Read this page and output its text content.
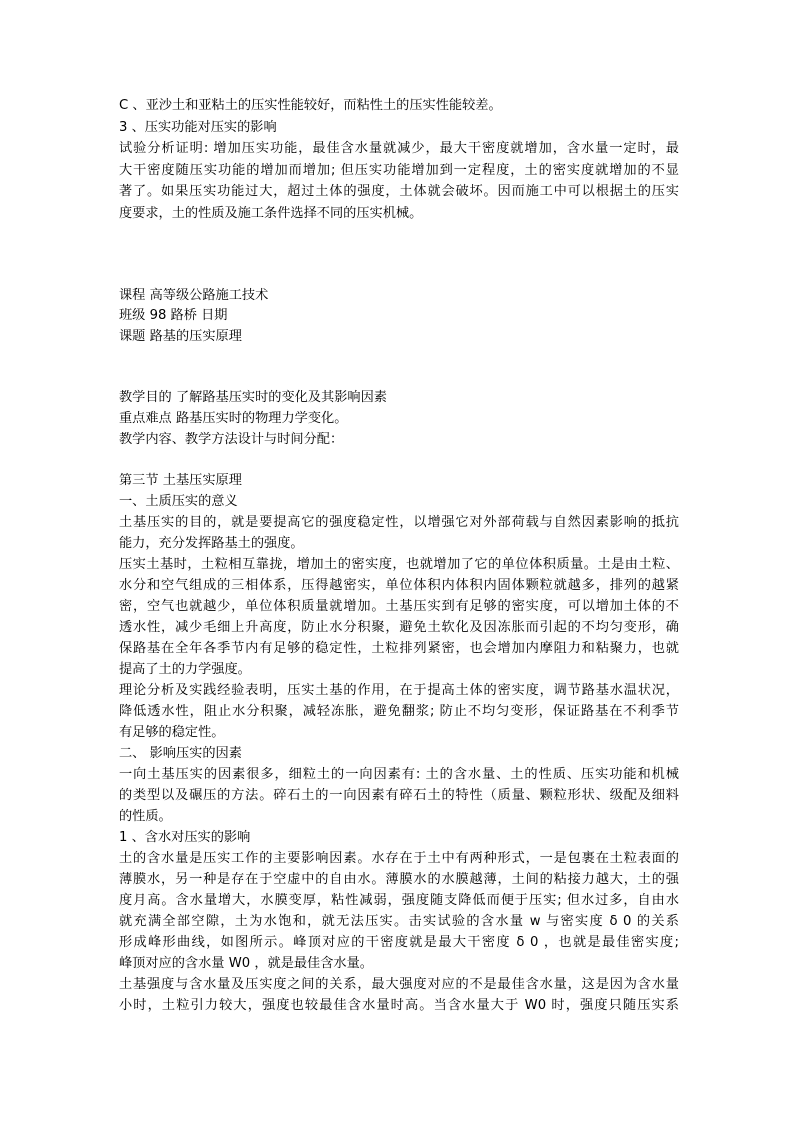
C 、亚沙土和亚粘土的压实性能较好，而粘性土的压实性能较差。
3 、压实功能对压实的影响
试验分析证明: 增加压实功能，最佳含水量就减少，最大干密度就增加，含水量一定时，最
大干密度随压实功能的增加而增加; 但压实功能增加到一定程度，土的密实度就增加的不显
著了。如果压实功能过大，超过土体的强度，土体就会破坏。因而施工中可以根据土的压实
度要求，土的性质及施工条件选择不同的压实机械。
课程 高等级公路施工技术
班级 98 路桥 日期
课题 路基的压实原理
教学目的 了解路基压实时的变化及其影响因素
重点难点 路基压实时的物理力学变化。
教学内容、教学方法设计与时间分配：
第三节 土基压实原理
一、土质压实的意义
土基压实的目的，就是要提高它的强度稳定性，以增强它对外部荷载与自然因素影响的抵抗
能力，充分发挥路基土的强度。
压实土基时，土粒相互靠拢，增加土的密实度，也就增加了它的单位体积质量。土是由土粒、
水分和空气组成的三相体系，压得越密实，单位体积内体积内固体颗粒就越多，排列的越紧
密，空气也就越少，单位体积质量就增加。土基压实到有足够的密实度，可以增加土体的不
透水性，减少毛细上升高度，防止水分积聚，避免土软化及因冻胀而引起的不均匀变形，确
保路基在全年各季节内有足够的稳定性，土粒排列紧密，也会增加内摩阻力和粘聚力，也就
提高了土的力学强度。
理论分析及实践经验表明，压实土基的作用，在于提高土体的密实度，调节路基水温状况，
降低透水性，阻止水分积聚，减轻冻胀，避免翻浆; 防止不均匀变形，保证路基在不利季节
有足够的稳定性。
二、 影响压实的因素
一向土基压实的因素很多，细粒土的一向因素有: 土的含水量、土的性质、压实功能和机械
的类型以及碾压的方法。碎石土的一向因素有碎石土的特性（质量、颗粒形状、级配及细料
的性质。
1 、含水对压实的影响
土的含水量是压实工作的主要影响因素。水存在于土中有两种形式，一是包裹在土粒表面的
薄膜水，另一种是存在于空虚中的自由水。薄膜水的水膜越薄，土间的粘接力越大，土的强
度月高。含水量增大，水膜变厚，粘性减弱，强度随支降低而便于压实; 但水过多，自由水
就充满全部空隙，土为水饱和，就无法压实。击实试验的含水量 w 与密实度 δ 0 的关系
形成峰形曲线，如图所示。峰顶对应的干密度就是最大干密度 δ 0 ，也就是最佳密实度;
峰顶对应的含水量 W0 ，就是最佳含水量。
土基强度与含水量及压实度之间的关系，最大强度对应的不是最佳含水量，这是因为含水量
小时，土粒引力较大，强度也较最佳含水量时高。当含水量大于 W0 时，强度只随压实系
